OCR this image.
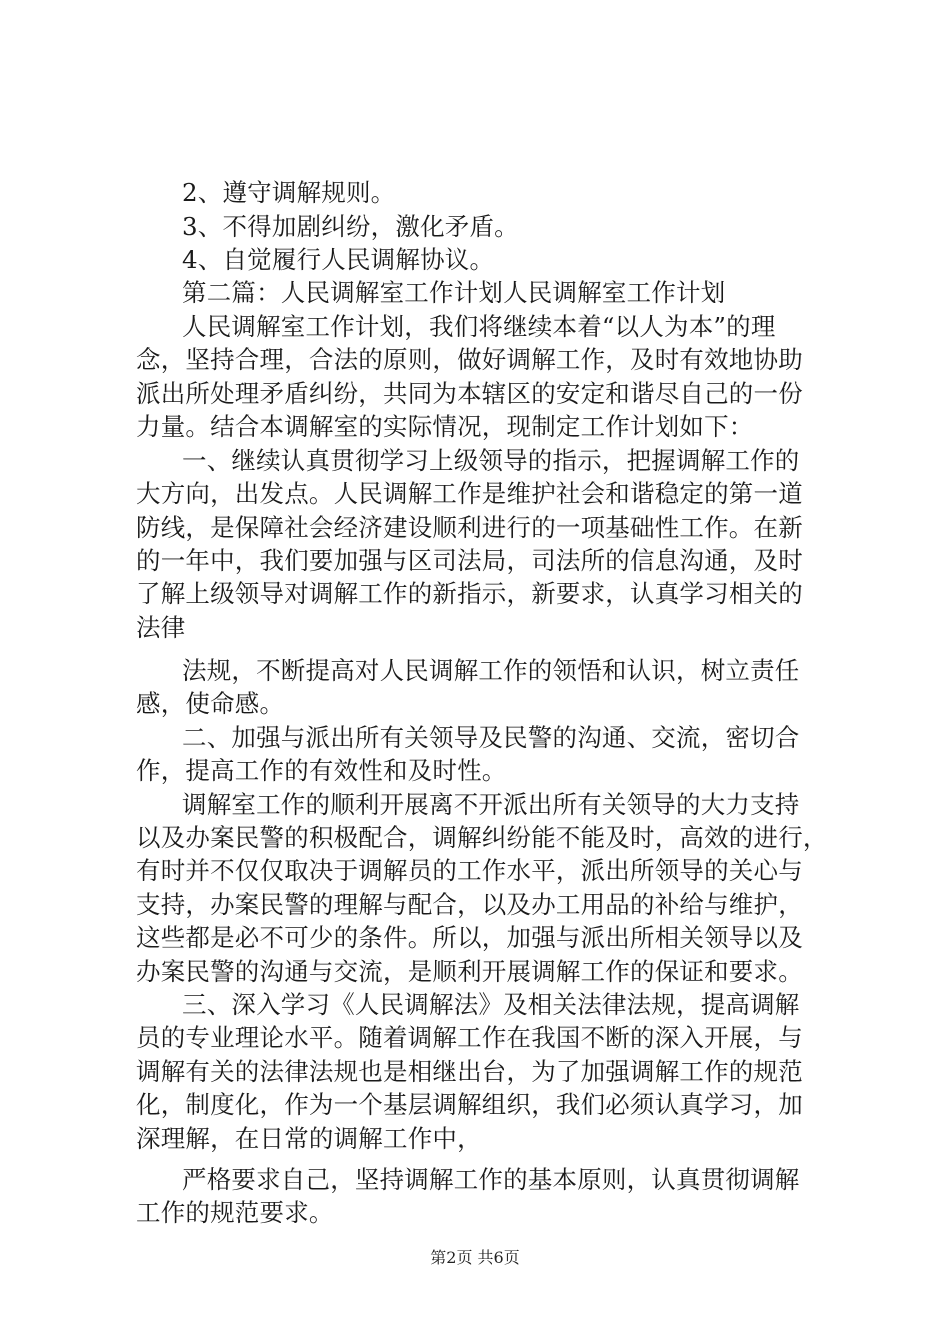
2、遵守调解规则。
3、不得加剧纠纷，激化矛盾。
4、自觉履行人民调解协议。
第二篇：人民调解室工作计划人民调解室工作计划
人民调解室工作计划，我们将继续本着“以人为本”的理
念，坚持合理，合法的原则，做好调解工作，及时有效地协助
派出所处理矛盾纠纷，共同为本辖区的安定和谐尽自己的一份
力量。结合本调解室的实际情况，现制定工作计划如下：
一、继续认真贯彻学习上级领导的指示，把握调解工作的
大方向，出发点。人民调解工作是维护社会和谐稳定的第一道
防线，是保障社会经济建设顺利进行的一项基础性工作。在新
的一年中，我们要加强与区司法局，司法所的信息沟通，及时
了解上级领导对调解工作的新指示，新要求，认真学习相关的
法律
法规，不断提高对人民调解工作的领悟和认识，树立责任
感，使命感。
二、加强与派出所有关领导及民警的沟通、交流，密切合
作，提高工作的有效性和及时性。
调解室工作的顺利开展离不开派出所有关领导的大力支持
以及办案民警的积极配合，调解纠纷能不能及时，高效的进行，
有时并不仅仅取决于调解员的工作水平，派出所领导的关心与
支持，办案民警的理解与配合，以及办工用品的补给与维护，
这些都是必不可少的条件。所以，加强与派出所相关领导以及
办案民警的沟通与交流，是顺利开展调解工作的保证和要求。
三、深入学习《人民调解法》及相关法律法规，提高调解
员的专业理论水平。随着调解工作在我国不断的深入开展，与
调解有关的法律法规也是相继出台，为了加强调解工作的规范
化，制度化，作为一个基层调解组织，我们必须认真学习，加
深理解，在日常的调解工作中，
严格要求自己，坚持调解工作的基本原则，认真贯彻调解
工作的规范要求。
第2页 共6页
